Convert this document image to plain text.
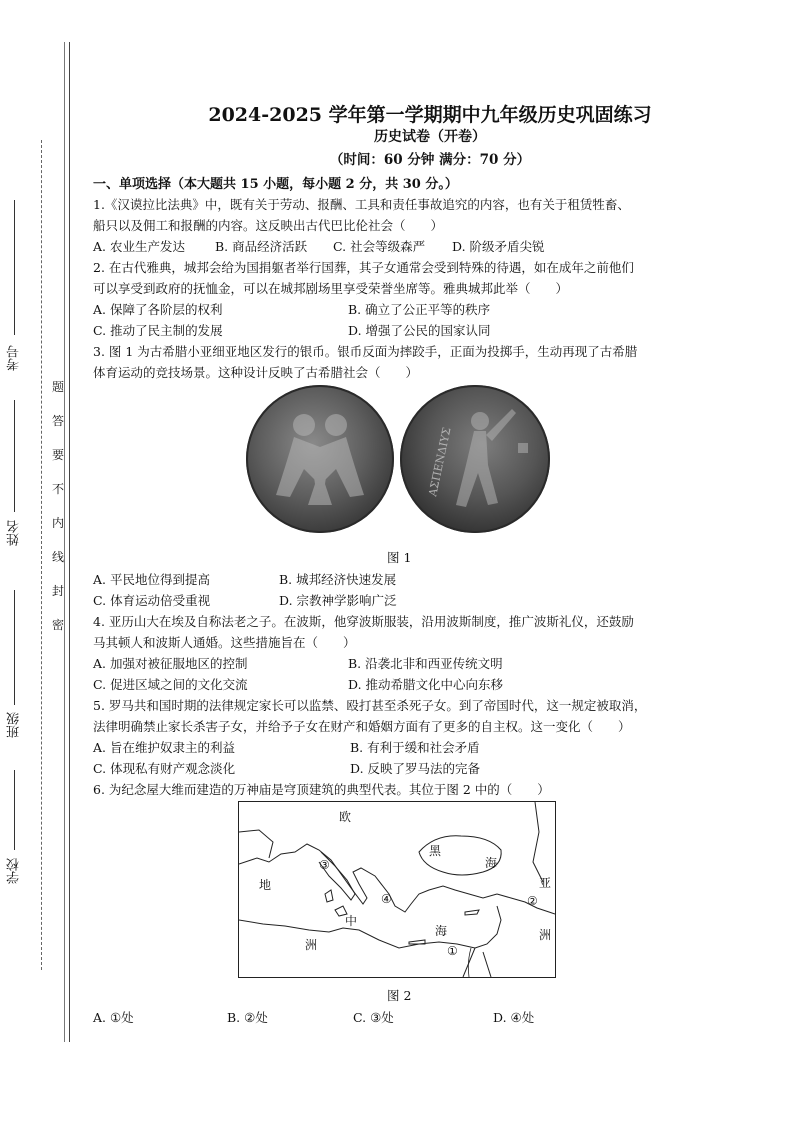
学校
班级
姓名
考号
密
封
线
内
不
要
答
题
2024-2025 学年第一学期期中九年级历史巩固练习
历史试卷（开卷）
（时间：60 分钟 满分：70 分）
一、单项选择（本大题共 15 小题，每小题 2 分，共 30 分。）
1.《汉谟拉比法典》中，既有关于劳动、报酬、工具和责任事故追究的内容，也有关于租赁牲畜、
船只以及佣工和报酬的内容。这反映出古代巴比伦社会（　　）
A. 农业生产发达 B. 商品经济活跃 C. 社会等级森严 D. 阶级矛盾尖锐
2. 在古代雅典，城邦会给为国捐躯者举行国葬，其子女通常会受到特殊的待遇，如在成年之前他们
可以享受到政府的抚恤金，可以在城邦剧场里享受荣誉坐席等。雅典城邦此举（　　）
A. 保障了各阶层的权利	B. 确立了公正平等的秩序
C. 推动了民主制的发展	D. 增强了公民的国家认同
3. 图 1 为古希腊小亚细亚地区发行的银币。银币反面为摔跤手，正面为投掷手，生动再现了古希腊
体育运动的竞技场景。这种设计反映了古希腊社会（　　）
ΑΣΠΕΝΔΙΥΣ
图 1
A. 平民地位得到提高	B. 城邦经济快速发展
C. 体育运动倍受重视	D. 宗教神学影响广泛
4. 亚历山大在埃及自称法老之子。在波斯，他穿波斯服装，沿用波斯制度，推广波斯礼仪，还鼓励
马其顿人和波斯人通婚。这些措施旨在（　　）
A. 加强对被征服地区的控制	B. 沿袭北非和西亚传统文明
C. 促进区域之间的文化交流	D. 推动希腊文化中心向东移
5. 罗马共和国时期的法律规定家长可以监禁、殴打甚至杀死子女。到了帝国时代，这一规定被取消，
法律明确禁止家长杀害子女，并给予子女在财产和婚姻方面有了更多的自主权。这一变化（　　）
A. 旨在维护奴隶主的利益	B. 有利于缓和社会矛盾
C. 体现私有财产观念淡化	D. 反映了罗马法的完备
6. 为纪念屋大维而建造的万神庙是穹顶建筑的典型代表。其位于图 2 中的（　　）
欧
黑
海
亚
洲
地
中
海
洲	①
②
③
④
图 2
A. ①处	B. ②处	C. ③处	D. ④处
